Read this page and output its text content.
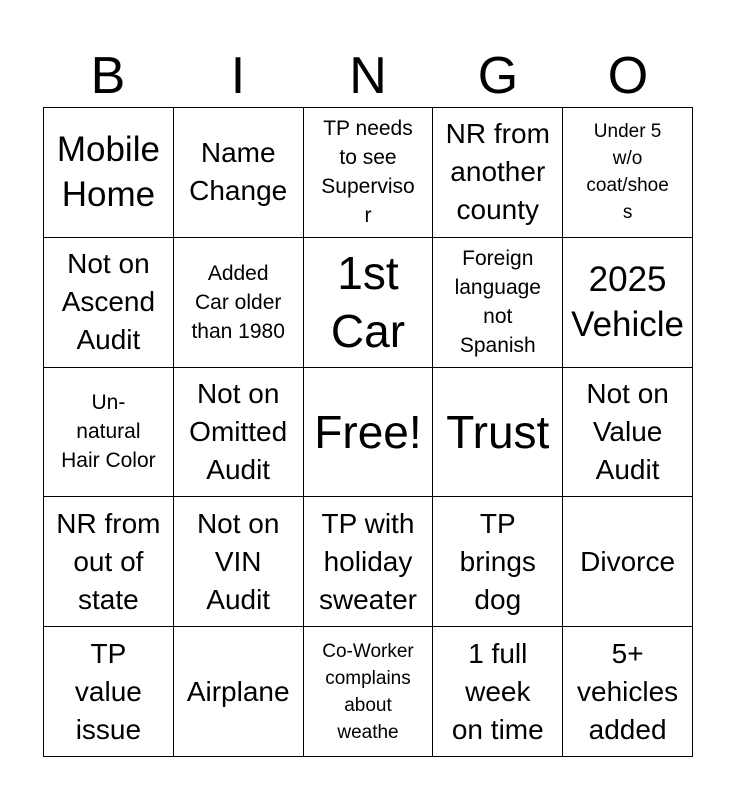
B	I	N	G	O
Mobile Home
Name Change
TP needs to see Supervisor
NR from another county
Under 5 w/o coat/shoes
Not on Ascend Audit
Added Car older than 1980
1st Car
Foreign language not Spanish
2025 Vehicle
Un-natural Hair Color
Not on Omitted Audit
Free! Trust
Not on Value Audit
NR from out of state
Not on VIN Audit
TP with holiday sweater
TP brings dog
Divorce
TP value issue
Airplane
Co-Worker complains about weathe
1 full week on time
5+ vehicles added
